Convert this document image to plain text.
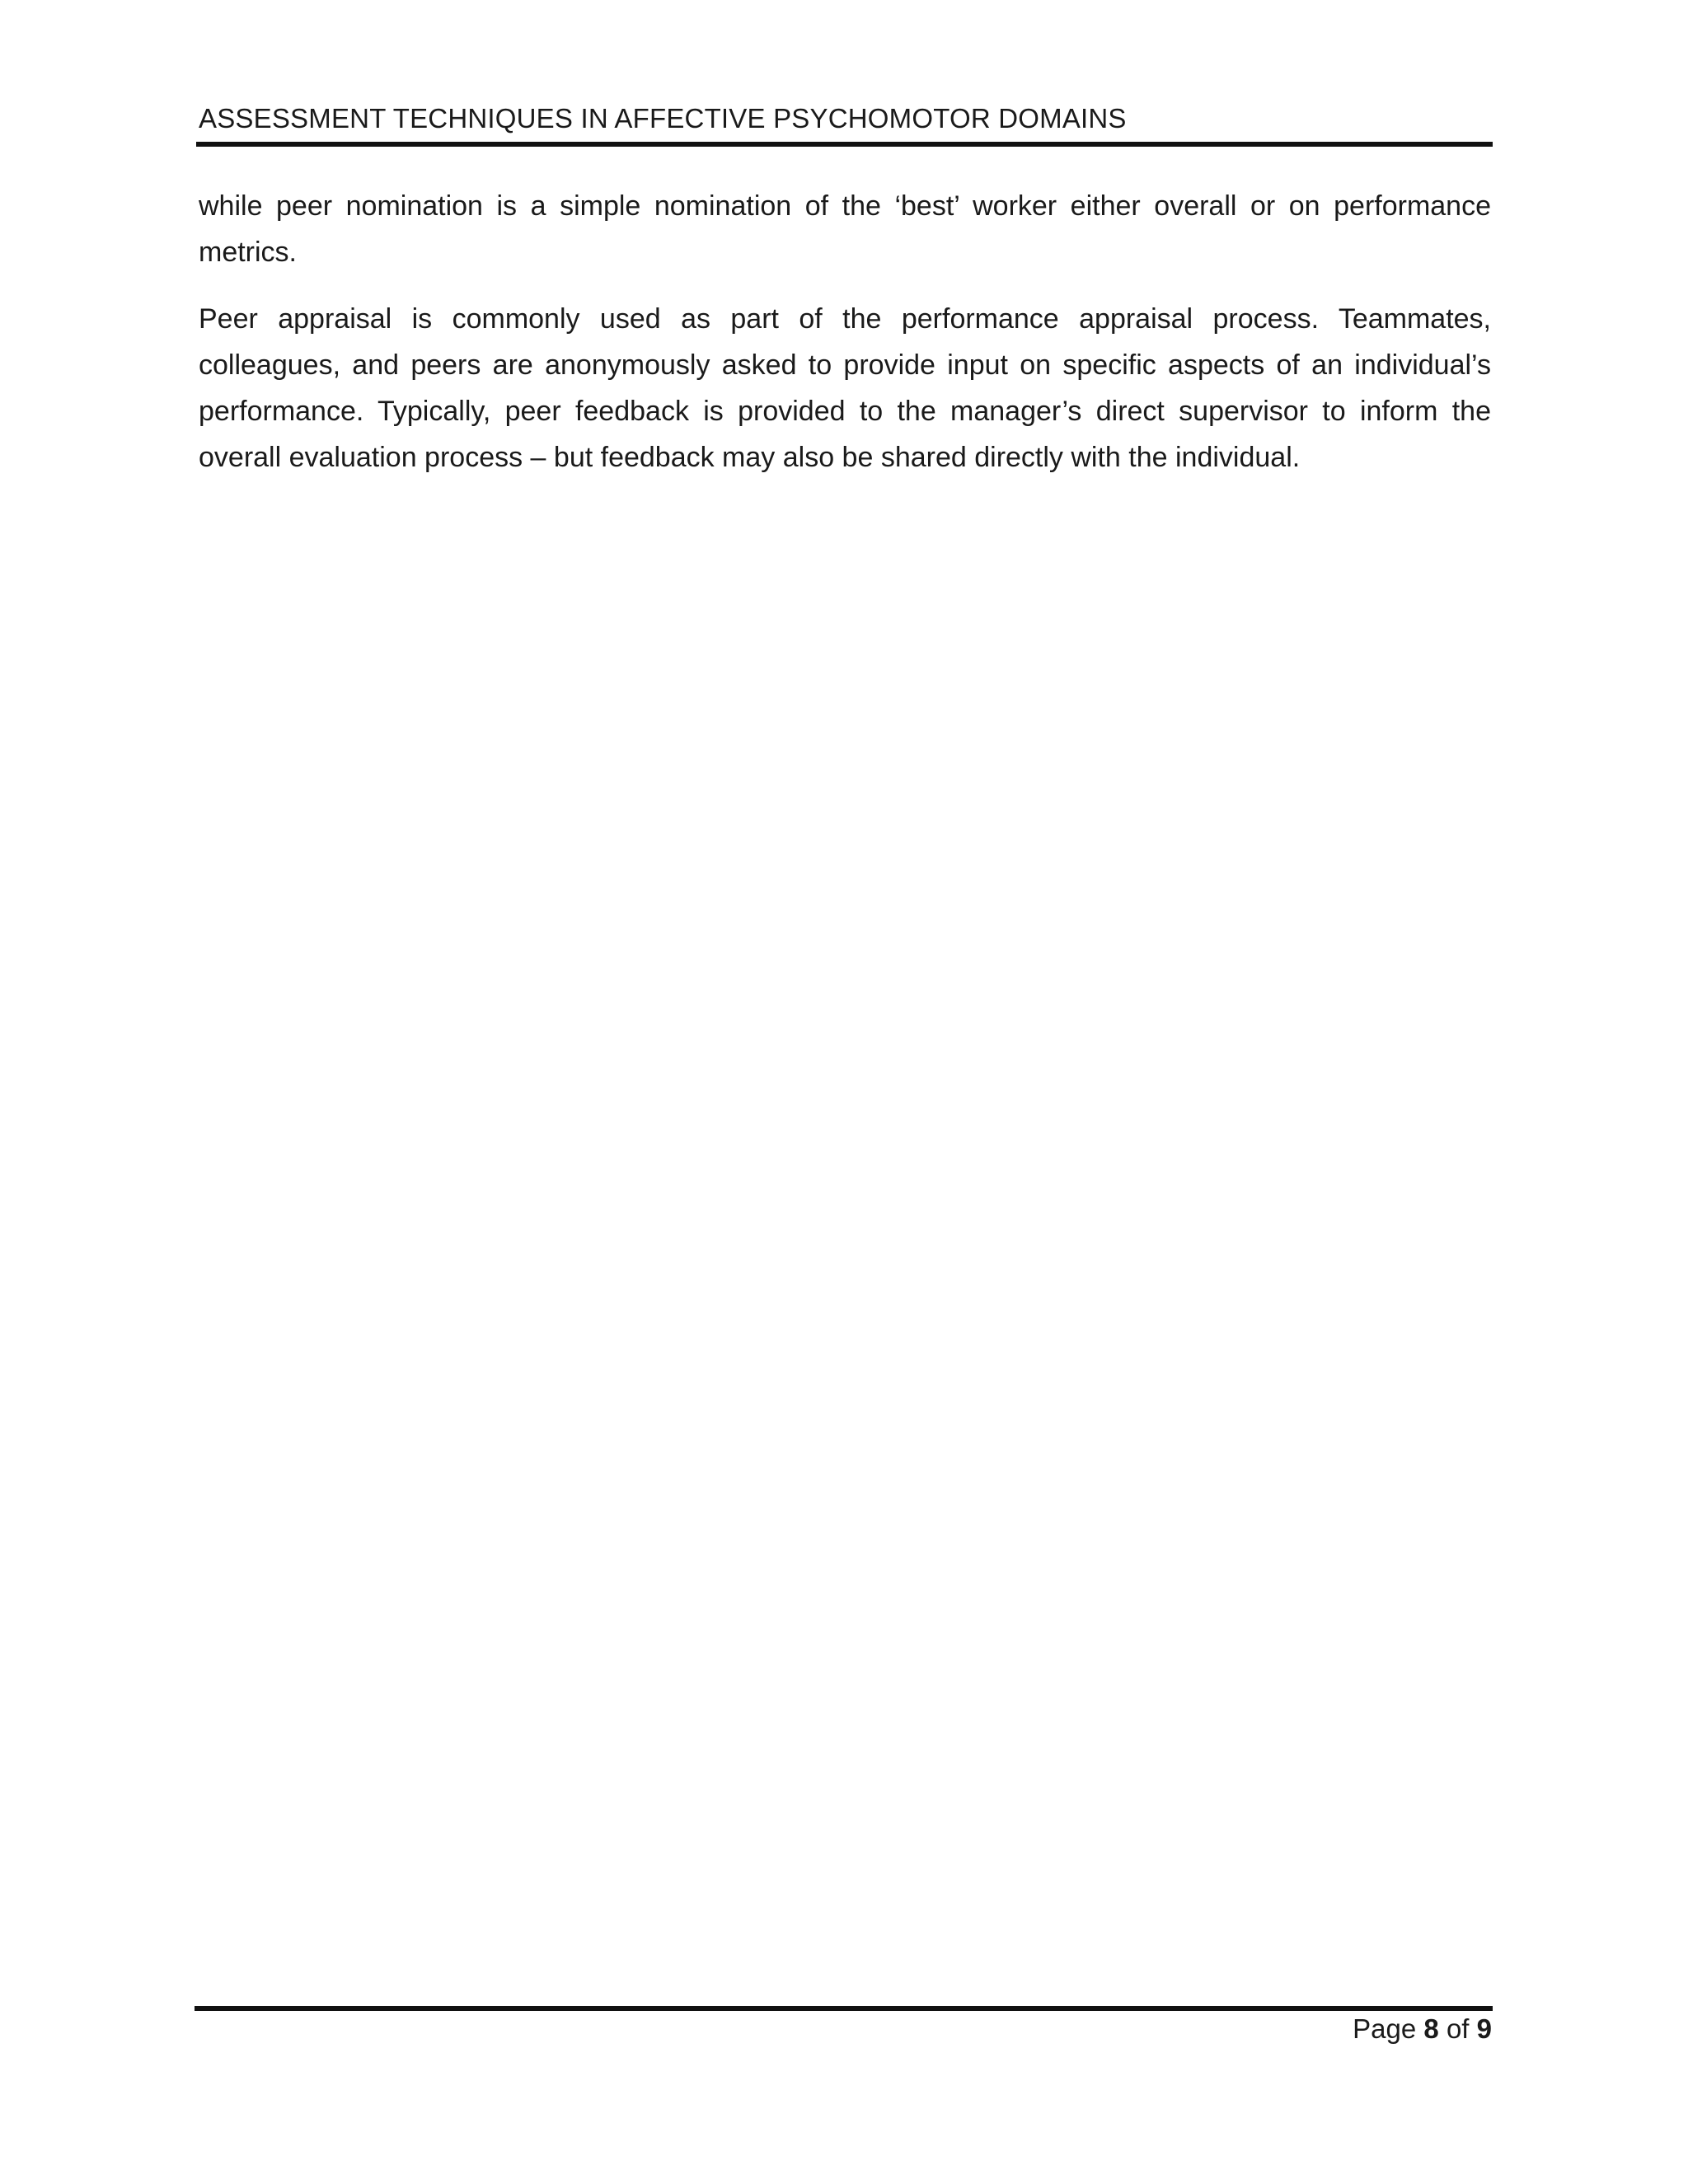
ASSESSMENT TECHNIQUES IN AFFECTIVE PSYCHOMOTOR DOMAINS

while peer nomination is a simple nomination of the ‘best’ worker either overall or on performance metrics.

Peer appraisal is commonly used as part of the performance appraisal process. Teammates, colleagues, and peers are anonymously asked to provide input on specific aspects of an individual’s performance. Typically, peer feedback is provided to the manager’s direct supervisor to inform the overall evaluation process – but feedback may also be shared directly with the individual.

Page 8 of 9
